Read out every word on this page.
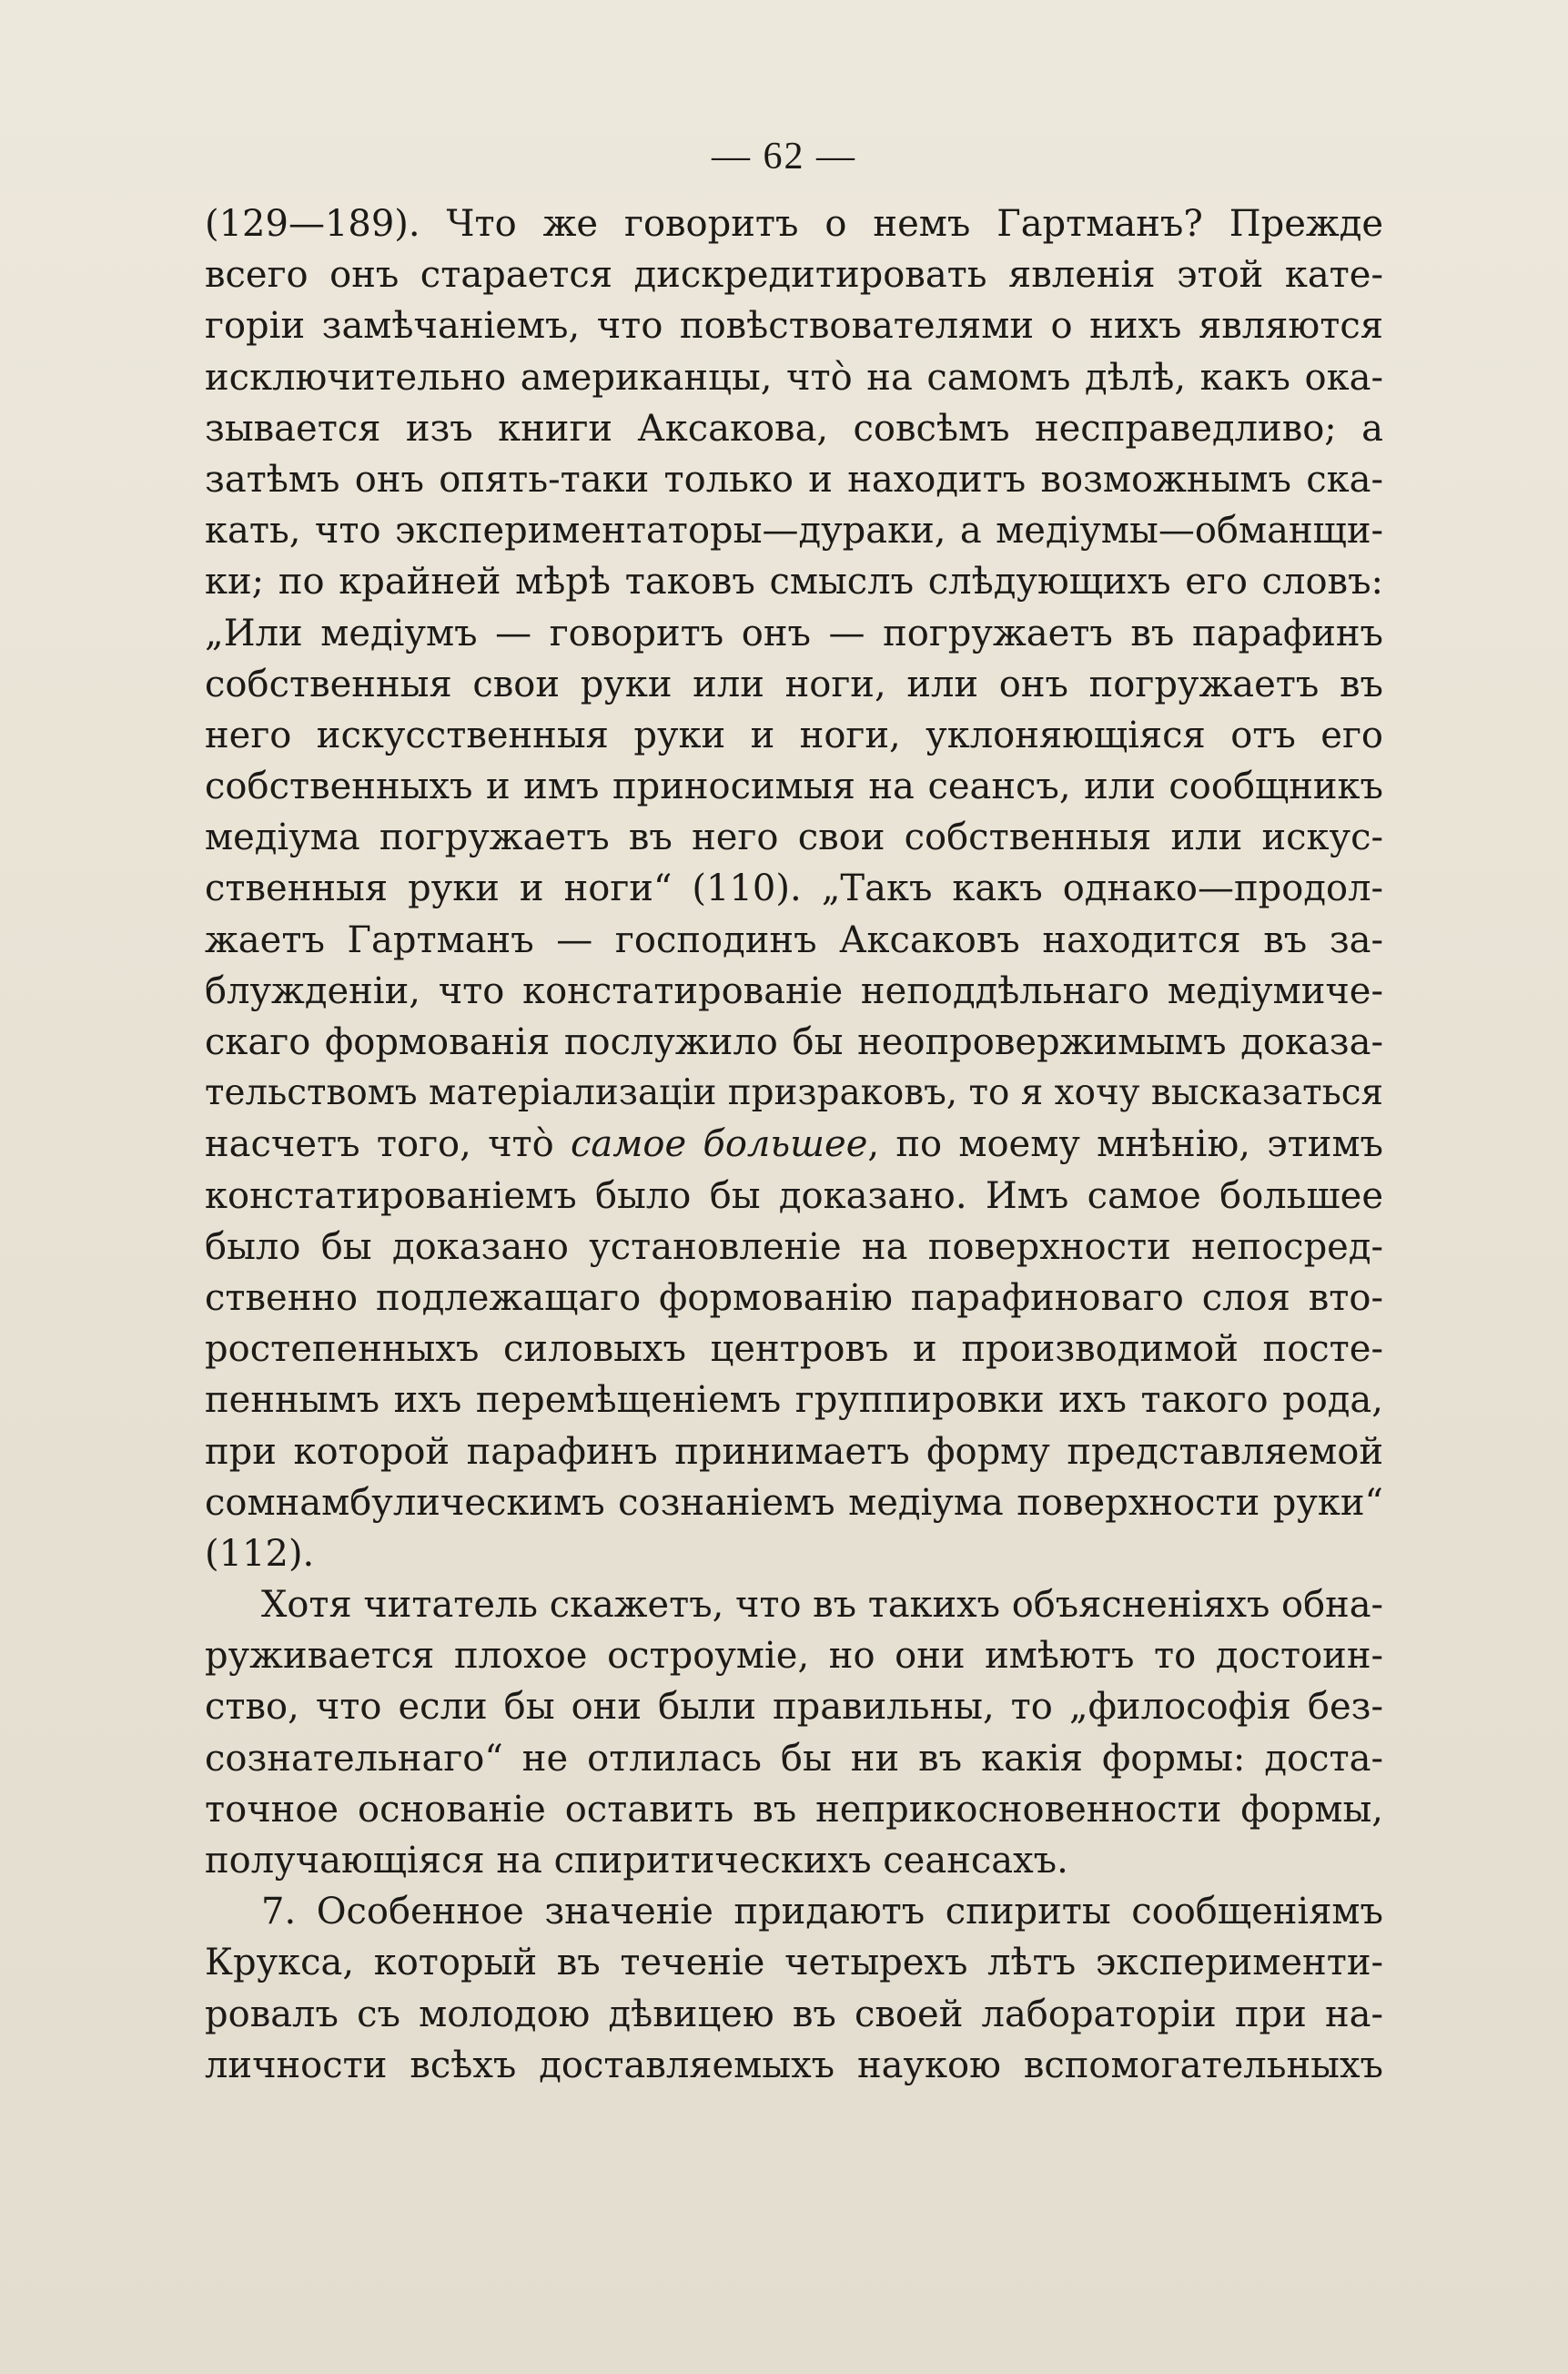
— 62 —
(129—189). Что же говоритъ о немъ Гартманъ? Прежде
всего онъ старается дискредитировать явленія этой кате-
горіи замѣчаніемъ, что повѣствователями о нихъ являются
исключительно американцы, что̀ на самомъ дѣлѣ, какъ ока-
зывается изъ книги Аксакова, совсѣмъ несправедливо; а
затѣмъ онъ опять-таки только и находитъ возможнымъ ска-
кать, что экспериментаторы—дураки, а медіумы—обманщи-
ки; по крайней мѣрѣ таковъ смыслъ слѣдующихъ его словъ:
„Или медіумъ — говоритъ онъ — погружаетъ въ парафинъ
собственныя свои руки или ноги, или онъ погружаетъ въ
него искусственныя руки и ноги, уклоняющіяся отъ его
собственныхъ и имъ приносимыя на сеансъ, или сообщникъ
медіума погружаетъ въ него свои собственныя или искус-
ственныя руки и ноги“ (110). „Такъ какъ однако—продол-
жаетъ Гартманъ — господинъ Аксаковъ находится въ за-
блужденіи, что констатированіе неподдѣльнаго медіумиче-
скаго формованія послужило бы неопровержимымъ доказа-
тельствомъ матеріализаціи призраковъ, то я хочу высказаться
насчетъ того, что̀ самое большее, по моему мнѣнію, этимъ
констатированіемъ было бы доказано. Имъ самое большее
было бы доказано установленіе на поверхности непосред-
ственно подлежащаго формованію парафиноваго слоя вто-
ростепенныхъ силовыхъ центровъ и производимой посте-
пеннымъ ихъ перемѣщеніемъ группировки ихъ такого рода,
при которой парафинъ принимаетъ форму представляемой
сомнамбулическимъ сознаніемъ медіума поверхности руки“
(112).
Хотя читатель скажетъ, что въ такихъ объясненіяхъ обна-
руживается плохое остроуміе, но они имѣютъ то достоин-
ство, что если бы они были правильны, то „философія без-
сознательнаго“ не отлилась бы ни въ какія формы: доста-
точное основаніе оставить въ неприкосновенности формы,
получающіяся на спиритическихъ сеансахъ.
7. Особенное значеніе придаютъ спириты сообщеніямъ
Крукса, который въ теченіе четырехъ лѣтъ эксперименти-
ровалъ съ молодою дѣвицею въ своей лабораторіи при на-
личности всѣхъ доставляемыхъ наукою вспомогательныхъ
